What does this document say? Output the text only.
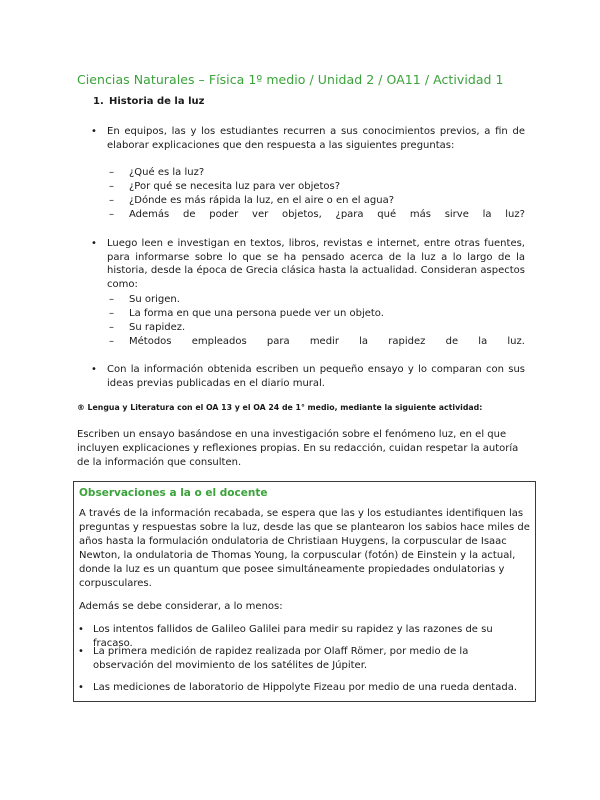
Ciencias Naturales – Física 1º medio / Unidad 2 / OA11 / Actividad 1
1. Historia de la luz
• En equipos, las y los estudiantes recurren a sus conocimientos previos, a fin de elaborar explicaciones que den respuesta a las siguientes preguntas:
– ¿Qué es la luz?
– ¿Por qué se necesita luz para ver objetos?
– ¿Dónde es más rápida la luz, en el aire o en el agua?
– Además de poder ver objetos, ¿para qué más sirve la luz?
• Luego leen e investigan en textos, libros, revistas e internet, entre otras fuentes, para informarse sobre lo que se ha pensado acerca de la luz a lo largo de la historia, desde la época de Grecia clásica hasta la actualidad. Consideran aspectos como:
– Su origen.
– La forma en que una persona puede ver un objeto.
– Su rapidez.
– Métodos empleados para medir la rapidez de la luz.
• Con la información obtenida escriben un pequeño ensayo y lo comparan con sus ideas previas publicadas en el diario mural.
® Lengua y Literatura con el OA 13 y el OA 24 de 1° medio, mediante la siguiente actividad:
Escriben un ensayo basándose en una investigación sobre el fenómeno luz, en el que incluyen explicaciones y reflexiones propias. En su redacción, cuidan respetar la autoría de la información que consulten.
Observaciones a la o el docente
A través de la información recabada, se espera que las y los estudiantes identifiquen las preguntas y respuestas sobre la luz, desde las que se plantearon los sabios hace miles de años hasta la formulación ondulatoria de Christiaan Huygens, la corpuscular de Isaac Newton, la ondulatoria de Thomas Young, la corpuscular (fotón) de Einstein y la actual, donde la luz es un quantum que posee simultáneamente propiedades ondulatorias y corpusculares.
Además se debe considerar, a lo menos:
• Los intentos fallidos de Galileo Galilei para medir su rapidez y las razones de su fracaso.
• La primera medición de rapidez realizada por Olaff Römer, por medio de la observación del movimiento de los satélites de Júpiter.
• Las mediciones de laboratorio de Hippolyte Fizeau por medio de una rueda dentada.
